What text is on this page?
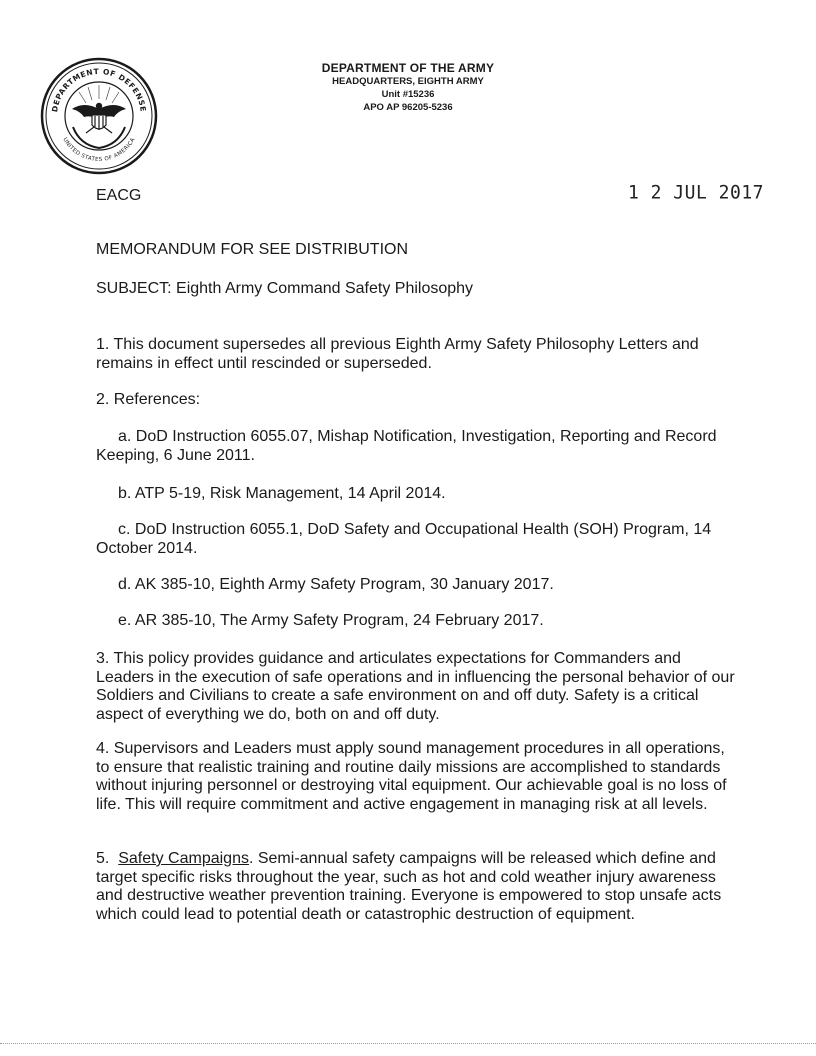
DEPARTMENT OF DEFENSE
UNITED STATES OF AMERICA
DEPARTMENT OF THE ARMY
HEADQUARTERS, EIGHTH ARMY
Unit #15236
APO AP 96205-5236
EACG	1 2 JUL 2017
MEMORANDUM FOR SEE DISTRIBUTION
SUBJECT: Eighth Army Command Safety Philosophy

1. This document supersedes all previous Eighth Army Safety Philosophy Letters and remains in effect until rescinded or superseded.

2. References:

a. DoD Instruction 6055.07, Mishap Notification, Investigation, Reporting and Record Keeping, 6 June 2011.

b. ATP 5-19, Risk Management, 14 April 2014.

c. DoD Instruction 6055.1, DoD Safety and Occupational Health (SOH) Program, 14 October 2014.

d. AK 385-10, Eighth Army Safety Program, 30 January 2017.

e. AR 385-10, The Army Safety Program, 24 February 2017.

3. This policy provides guidance and articulates expectations for Commanders and Leaders in the execution of safe operations and in influencing the personal behavior of our Soldiers and Civilians to create a safe environment on and off duty. Safety is a critical aspect of everything we do, both on and off duty.

4. Supervisors and Leaders must apply sound management procedures in all operations, to ensure that realistic training and routine daily missions are accomplished to standards without injuring personnel or destroying vital equipment. Our achievable goal is no loss of life. This will require commitment and active engagement in managing risk at all levels.

5. Safety Campaigns. Semi-annual safety campaigns will be released which define and target specific risks throughout the year, such as hot and cold weather injury awareness and destructive weather prevention training. Everyone is empowered to stop unsafe acts which could lead to potential death or catastrophic destruction of equipment.
